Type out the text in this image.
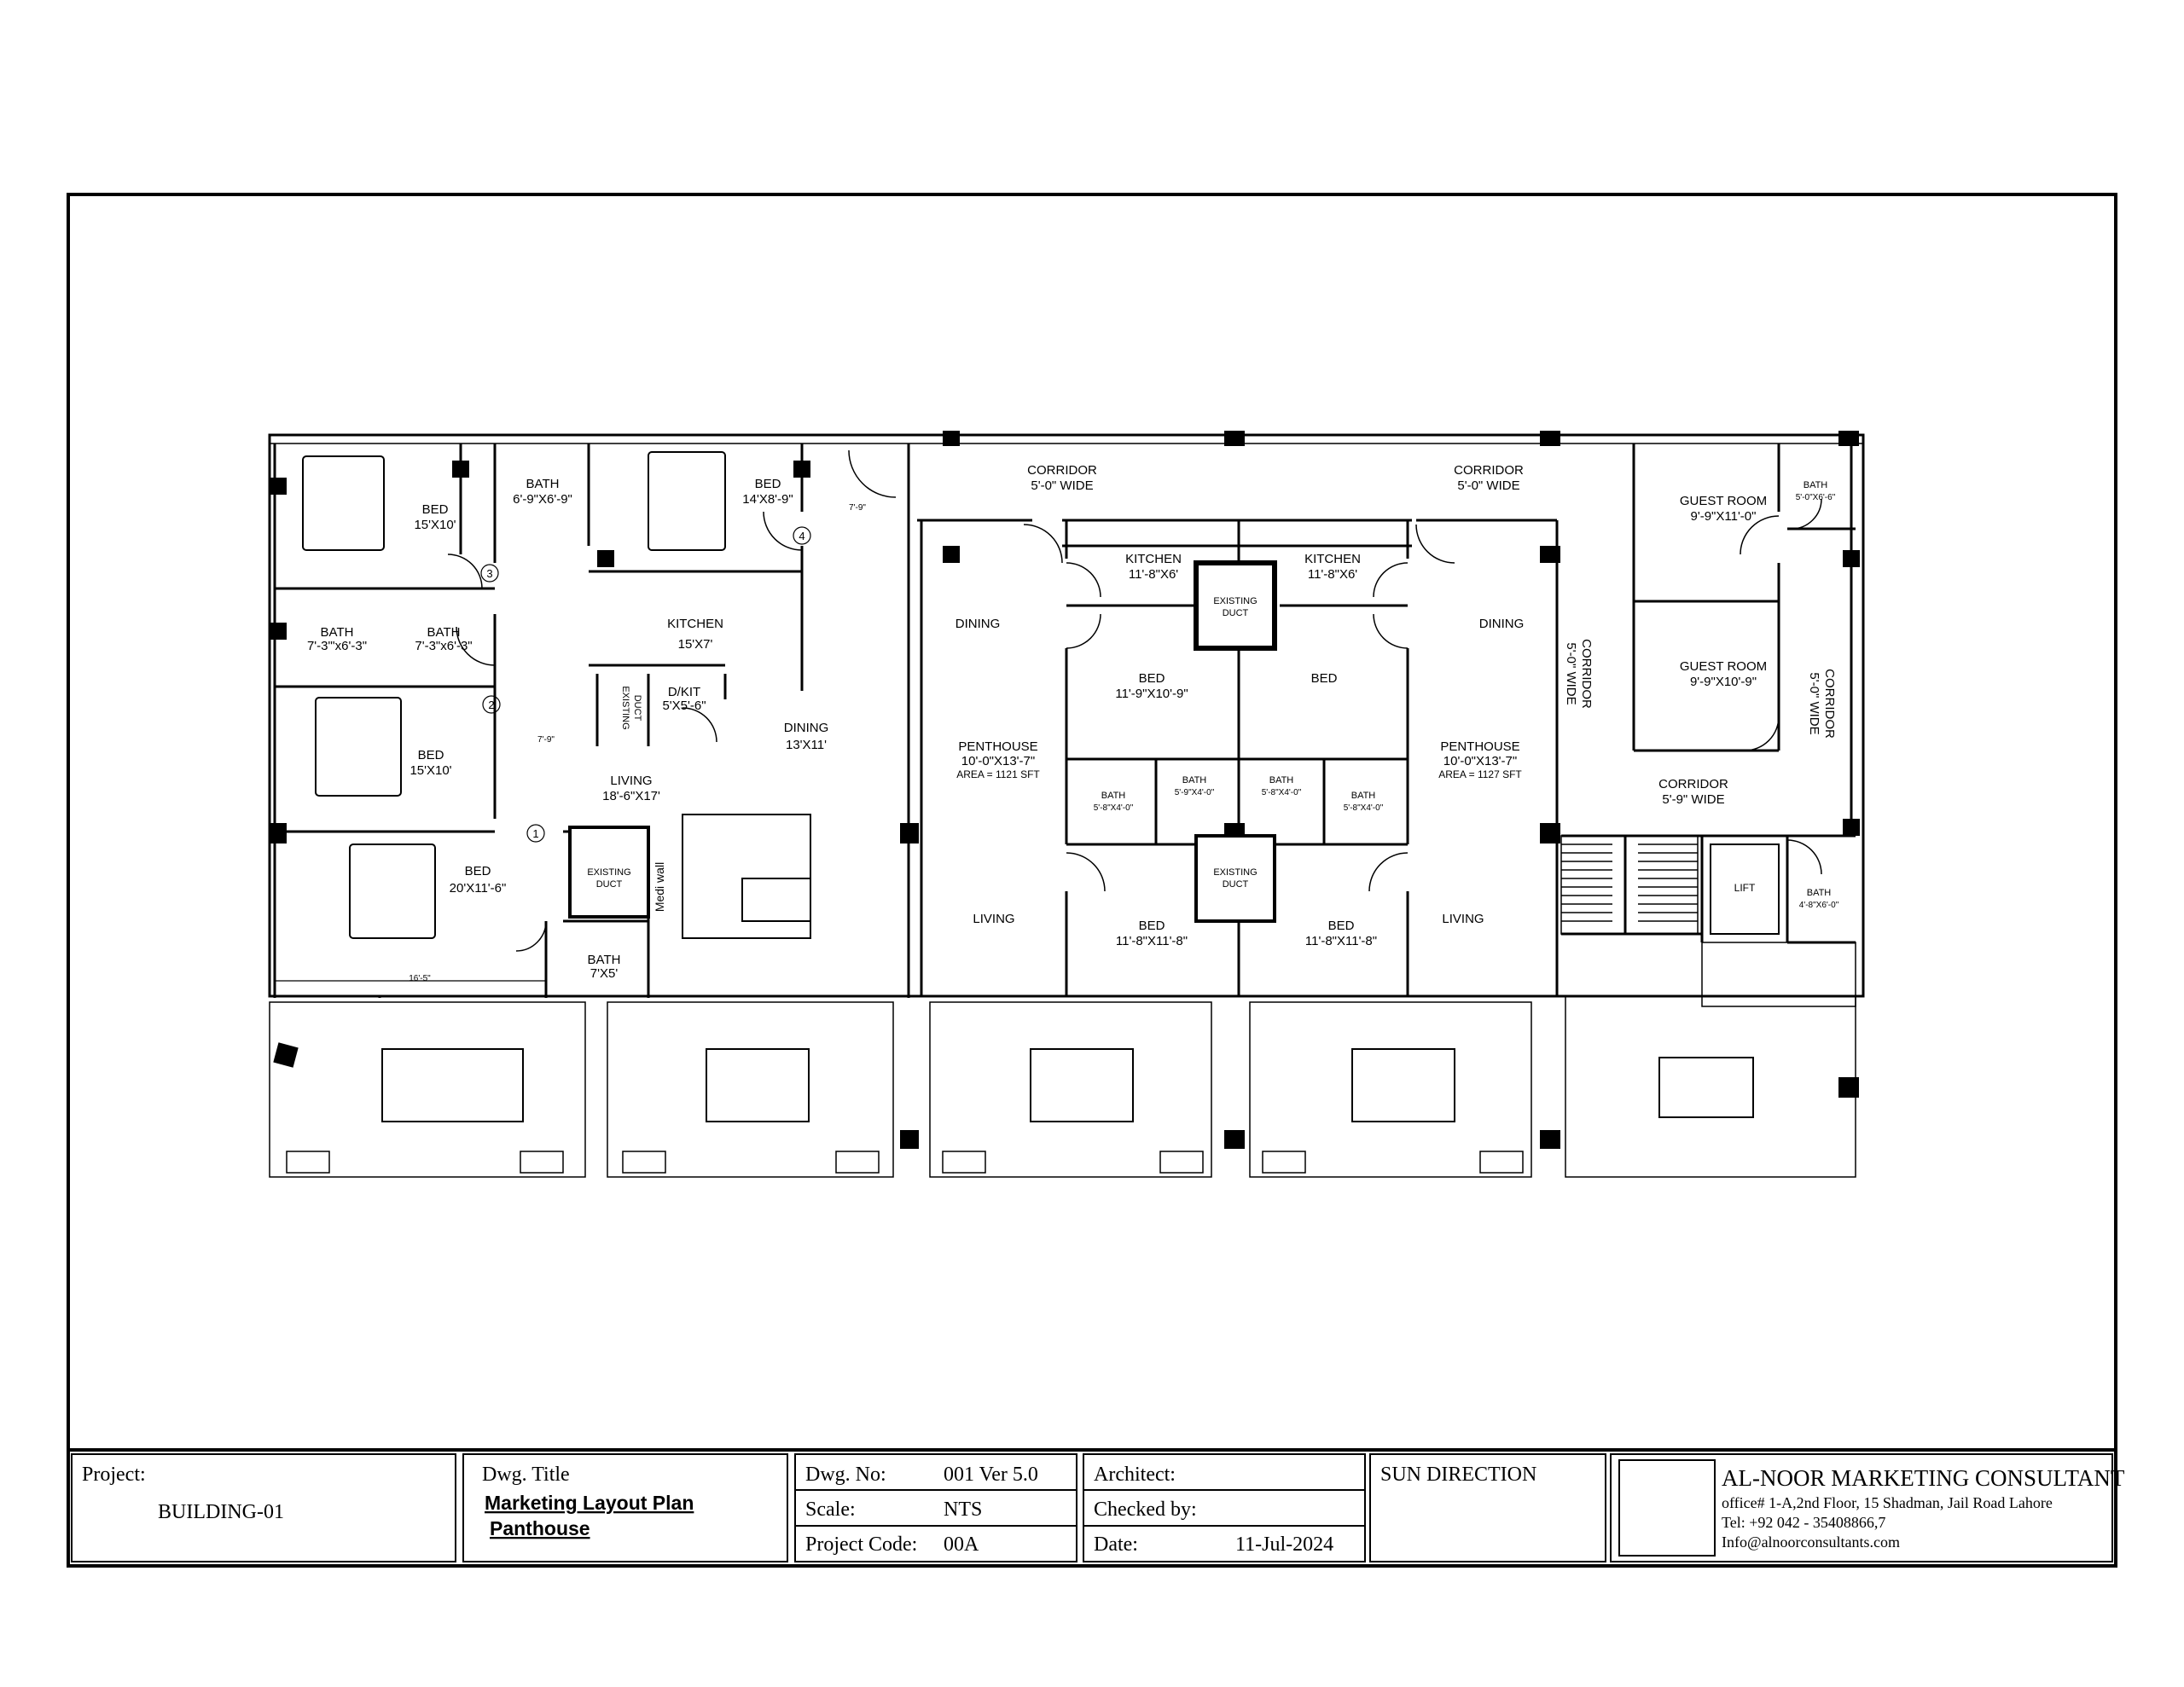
BED
15'X10'
BATH
6'-9"X6'-9"
BED
14'X8'-9"
BATH
7'-3"'x6'-3"
BATH
7'-3"x6'-3"
KITCHEN
15'X7'
D/KIT
5'X5'-6"
DINING
13'X11'
BED
15'X10'
LIVING
18'-6"X17'
BED
20'X11'-6"
BATH
7'X5'
CORRIDOR
5'-0" WIDE
CORRIDOR
5'-0" WIDE
KITCHEN
11'-8"X6'
KITCHEN
11'-8"X6'
DINING	DINING
BED
11'-9"X10'-9"
BED
PENTHOUSE
10'-0"X13'-7"
AREA = 1121 SFT
PENTHOUSE
10'-0"X13'-7"
AREA = 1127 SFT
BATH
5'-8"X4'-0"
BATH
5'-9"X4'-0"
BATH
5'-8"X4'-0"	BATH
5'-8"X4'-0"
LIVING	LIVING
BED
11'-8"X11'-8"
BED
11'-8"X11'-8"
GUEST ROOM
9'-9"X11'-0"
GUEST ROOM
9'-9"X10'-9"
BATH
5'-0"X6'-6"
BATH
4'-8"X6'-0"
CORRIDOR
5'-9" WIDE
LIFT
EXISTING
DUCT
EXISTING
DUCT
EXISTING
DUCT
CORRIDOR
5'-0" WIDE	CORRIDOR
5'-0" WIDE
EXISTING DUCT
Medi wall
7'-9"
7'-9"
16'-5"
1
2
3
4
Project:
BUILDING-01
Dwg. Title
Marketing Layout Plan
Panthouse
Dwg. No:	001 Ver 5.0
Scale:	NTS
Project Code: 00A
Architect:
Checked by:
Date:	11-Jul-2024
SUN DIRECTION	AL-NOOR MARKETING CONSULTANT
office# 1-A,2nd Floor, 15 Shadman, Jail Road Lahore
Tel: +92 042 - 35408866,7
Info@alnoorconsultants.com
